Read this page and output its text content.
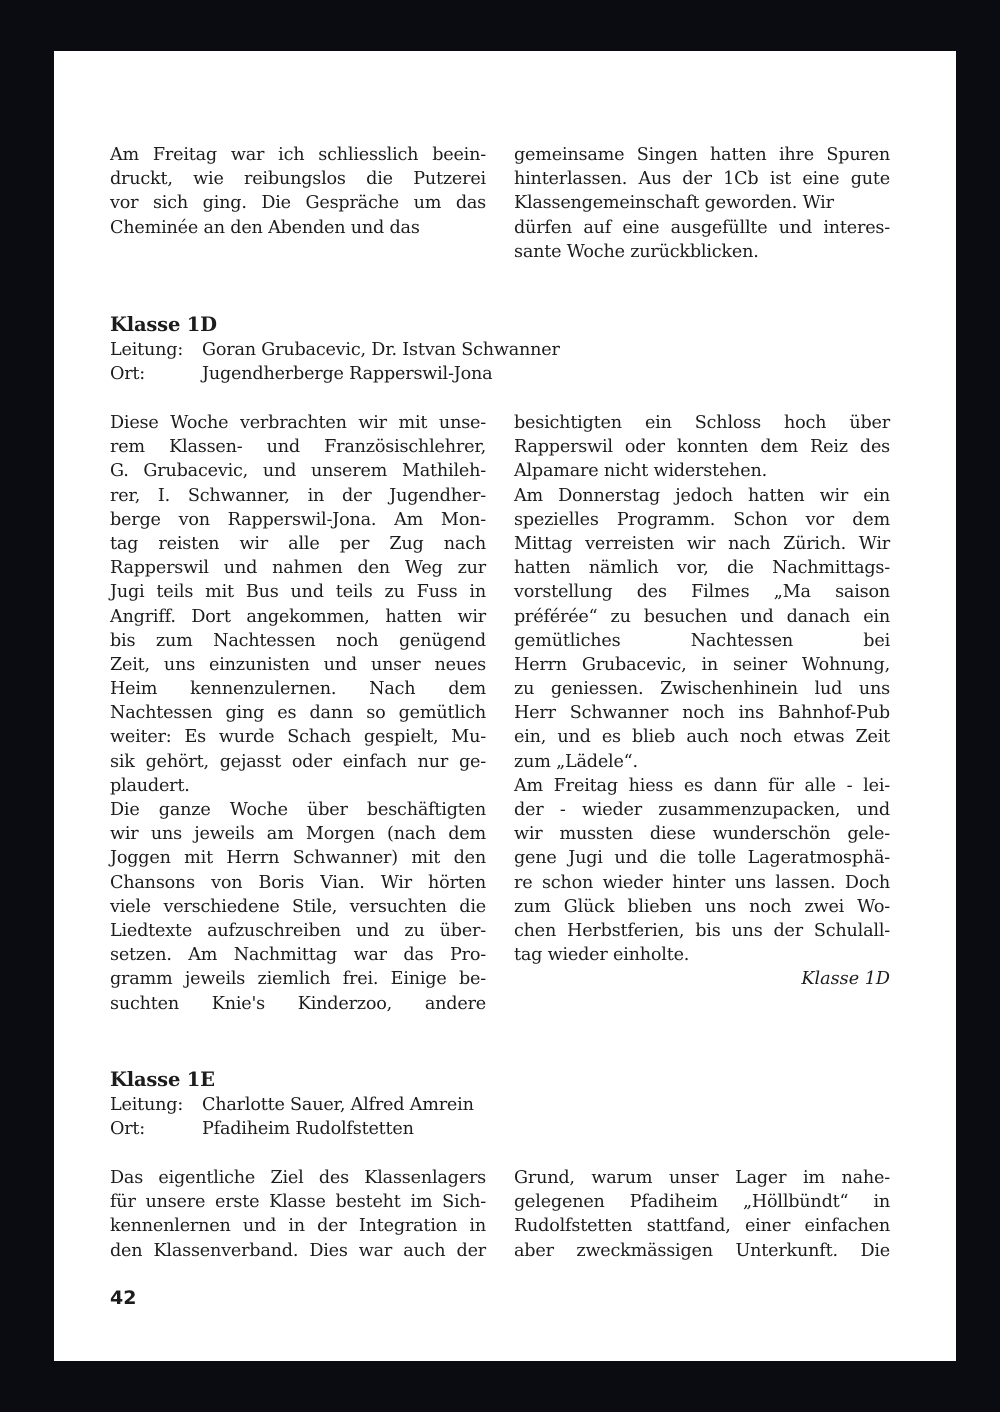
Am Freitag war ich schliesslich beein-
druckt, wie reibungslos die Putzerei
vor sich ging. Die Gespräche um das
Cheminée an den Abenden und das
gemeinsame Singen hatten ihre Spuren
hinterlassen. Aus der 1Cb ist eine gute
Klassengemeinschaft geworden. Wir
dürfen auf eine ausgefüllte und interes-
sante Woche zurückblicken.
Klasse 1D
Leitung:	Goran Grubacevic, Dr. Istvan Schwanner
Ort:	Jugendherberge Rapperswil-Jona
Diese Woche verbrachten wir mit unse-
rem Klassen- und Französischlehrer,
G. Grubacevic, und unserem Mathileh-
rer, I. Schwanner, in der Jugendher-
berge von Rapperswil-Jona. Am Mon-
tag reisten wir alle per Zug nach
Rapperswil und nahmen den Weg zur
Jugi teils mit Bus und teils zu Fuss in
Angriff. Dort angekommen, hatten wir
bis zum Nachtessen noch genügend
Zeit, uns einzunisten und unser neues
Heim kennenzulernen. Nach dem
Nachtessen ging es dann so gemütlich
weiter: Es wurde Schach gespielt, Mu-
sik gehört, gejasst oder einfach nur ge-
plaudert.
Die ganze Woche über beschäftigten
wir uns jeweils am Morgen (nach dem
Joggen mit Herrn Schwanner) mit den
Chansons von Boris Vian. Wir hörten
viele verschiedene Stile, versuchten die
Liedtexte aufzuschreiben und zu über-
setzen. Am Nachmittag war das Pro-
gramm jeweils ziemlich frei. Einige be-
suchten Knie's Kinderzoo, andere
besichtigten ein Schloss hoch über
Rapperswil oder konnten dem Reiz des
Alpamare nicht widerstehen.
Am Donnerstag jedoch hatten wir ein
spezielles Programm. Schon vor dem
Mittag verreisten wir nach Zürich. Wir
hatten nämlich vor, die Nachmittags-
vorstellung des Filmes „Ma saison
préférée“ zu besuchen und danach ein
gemütliches Nachtessen bei
Herrn Grubacevic, in seiner Wohnung,
zu geniessen. Zwischenhinein lud uns
Herr Schwanner noch ins Bahnhof-Pub
ein, und es blieb auch noch etwas Zeit
zum „Lädele“.
Am Freitag hiess es dann für alle - lei-
der - wieder zusammenzupacken, und
wir mussten diese wunderschön gele-
gene Jugi und die tolle Lageratmosphä-
re schon wieder hinter uns lassen. Doch
zum Glück blieben uns noch zwei Wo-
chen Herbstferien, bis uns der Schulall-
tag wieder einholte.
Klasse 1D
Klasse 1E
Leitung:	Charlotte Sauer, Alfred Amrein
Ort:	Pfadiheim Rudolfstetten
Das eigentliche Ziel des Klassenlagers
für unsere erste Klasse besteht im Sich-
kennenlernen und in der Integration in
den Klassenverband. Dies war auch der
Grund, warum unser Lager im nahe-
gelegenen Pfadiheim „Höllbündt“ in
Rudolfstetten stattfand, einer einfachen
aber zweckmässigen Unterkunft. Die
42
